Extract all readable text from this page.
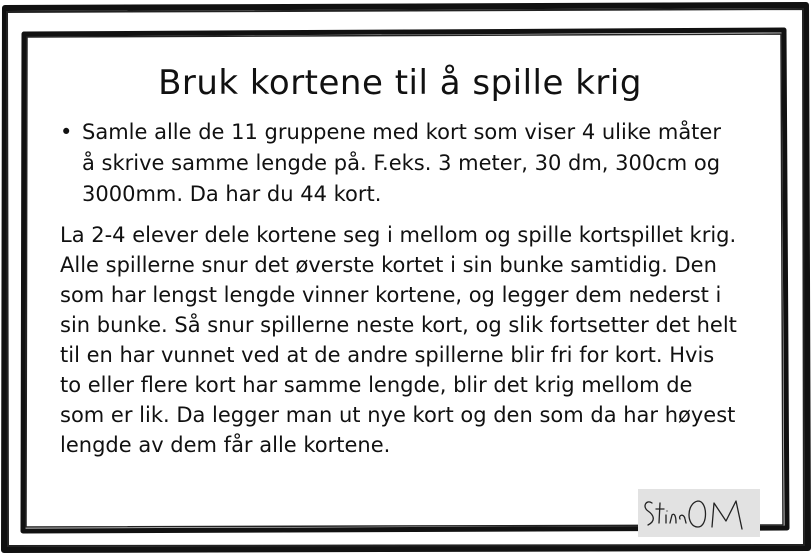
Bruk kortene til å spille krig
• Samle alle de 11 gruppene med kort som viser 4 ulike måter å skrive samme lengde på. F.eks. 3 meter, 30 dm, 300cm og 3000mm. Da har du 44 kort.
La 2-4 elever dele kortene seg i mellom og spille kortspillet krig. Alle spillerne snur det øverste kortet i sin bunke samtidig. Den som har lengst lengde vinner kortene, og legger dem nederst i sin bunke. Så snur spillerne neste kort, og slik fortsetter det helt til en har vunnet ved at de andre spillerne blir fri for kort. Hvis to eller flere kort har samme lengde, blir det krig mellom de som er lik. Da legger man ut nye kort og den som da har høyest lengde av dem får alle kortene.
